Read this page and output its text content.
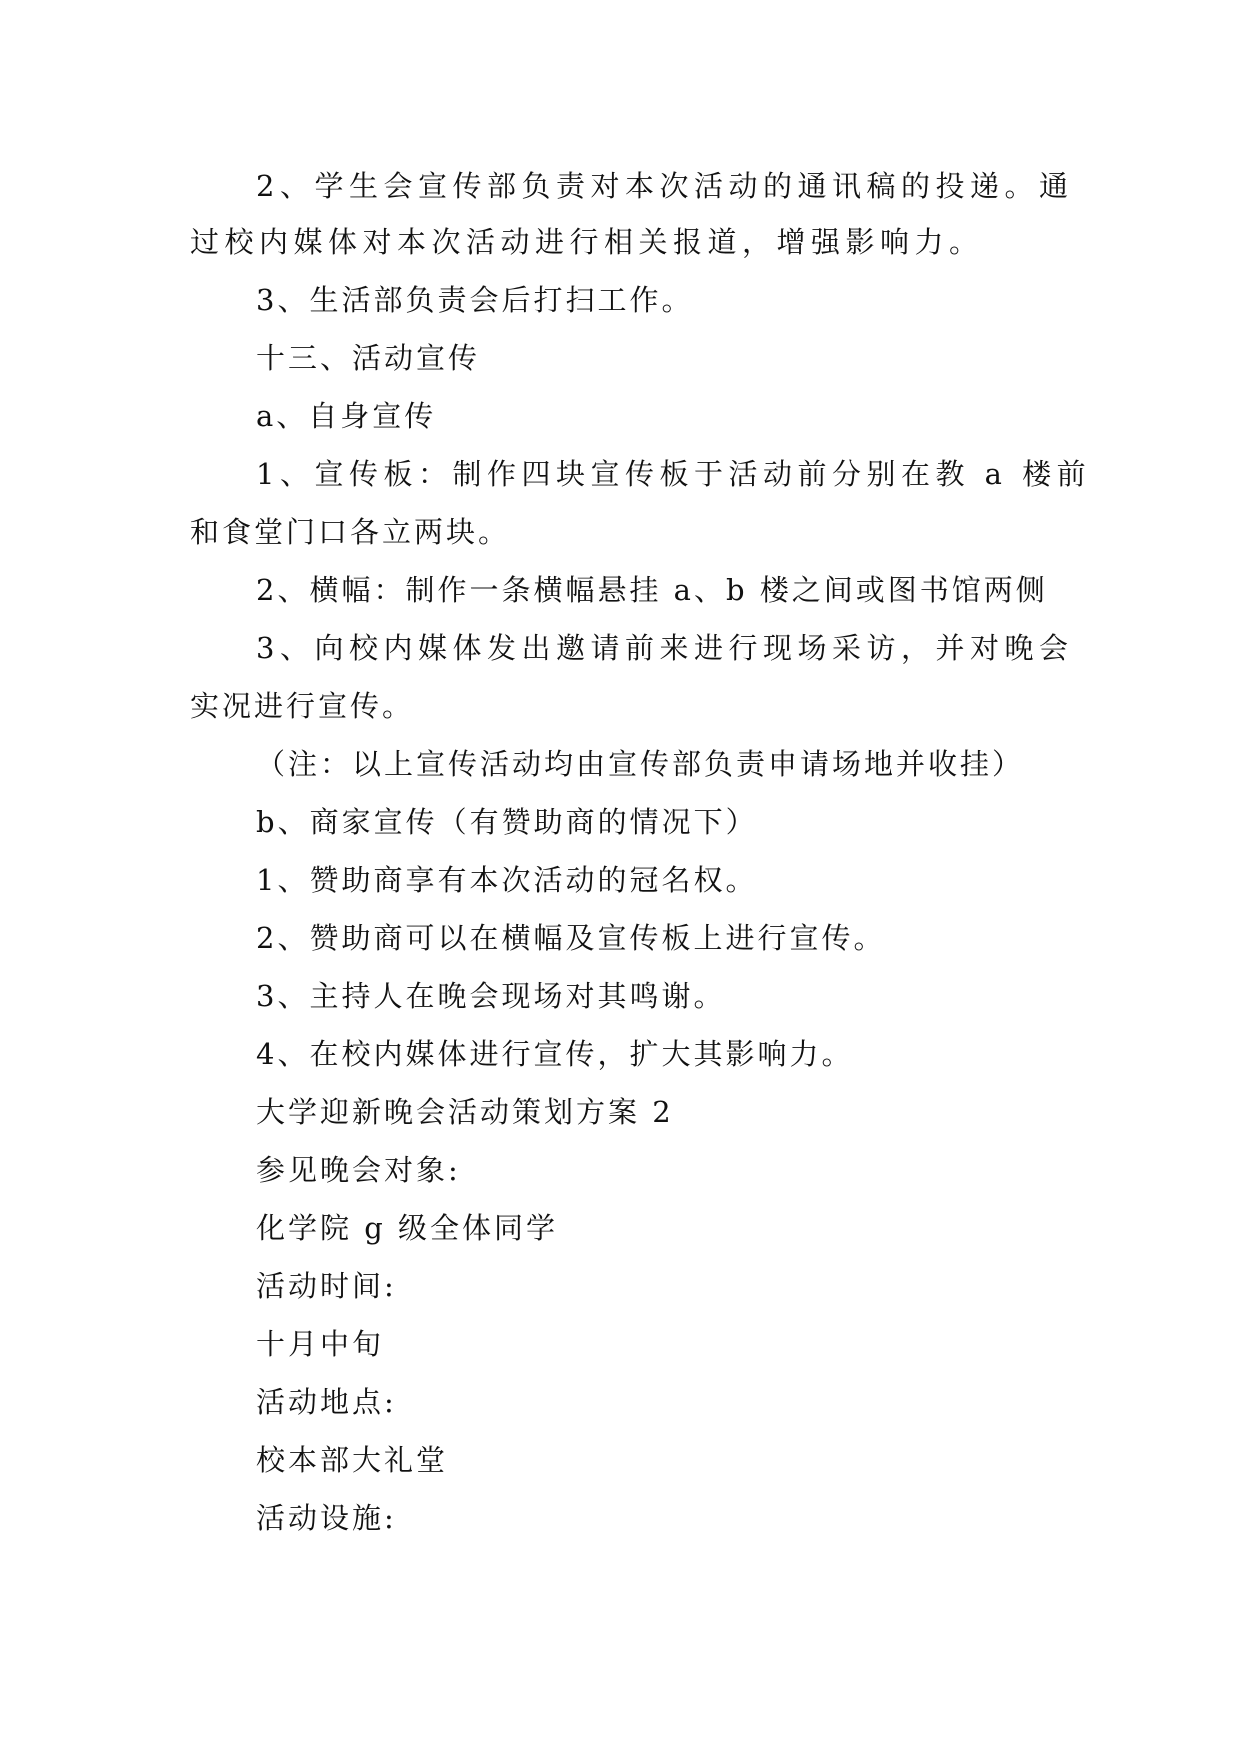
2、学生会宣传部负责对本次活动的通讯稿的投递。通
过校内媒体对本次活动进行相关报道，增强影响力。
3、生活部负责会后打扫工作。
十三、活动宣传
a、自身宣传
1、宣传板：制作四块宣传板于活动前分别在教 a 楼前
和食堂门口各立两块。
2、横幅：制作一条横幅悬挂 a、b 楼之间或图书馆两侧
3、向校内媒体发出邀请前来进行现场采访，并对晚会
实况进行宣传。
（注：以上宣传活动均由宣传部负责申请场地并收挂）
b、商家宣传（有赞助商的情况下）
1、赞助商享有本次活动的冠名权。
2、赞助商可以在横幅及宣传板上进行宣传。
3、主持人在晚会现场对其鸣谢。
4、在校内媒体进行宣传，扩大其影响力。
大学迎新晚会活动策划方案 2
参见晚会对象:
化学院 g 级全体同学
活动时间:
十月中旬
活动地点:
校本部大礼堂
活动设施:
